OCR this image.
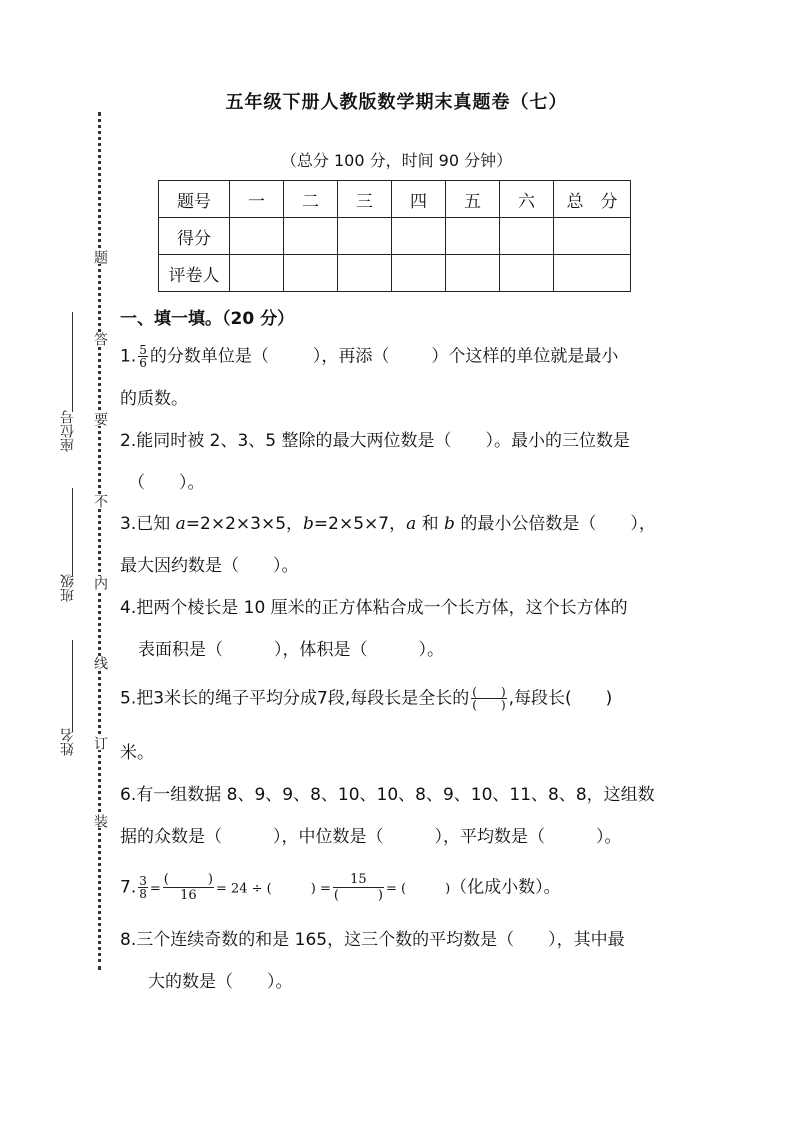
题
答
要
不
内
线
订
装
座位号
班级
姓名
五年级下册人教版数学期末真题卷（七）
（总分 100 分，时间 90 分钟）
题号	一	二	三	四	五	六	总　分
得分							
评卷人							
一、填一填。（20 分）
1. $\frac{5}{6}$ 的分数单位是（	），再添（ ）个这样的单位就是最小
的质数。
2.能同时被 2、3、5 整除的最大两位数是（　　）。最小的三位数是
（　　）。
3.已知 a=2×2×3×5，b=2×5×7，a 和 b 的最小公倍数是（　　），
最大因约数是（　　）。
4.把两个棱长是 10 厘米的正方体粘合成一个长方体，这个长方体的
表面积是（　　　），体积是（　　　）。
5.把3米长的绳子平均分成7段,每段长是全长的 $\frac{( )}{( )}$ ,每段长(　　)
米。
6.有一组数据 8、9、9、8、10、10、8、9、10、11、8、8，这组数
据的众数是（　　　），中位数是（　　　），平均数是（　　　）。
7. $\frac{3}{8} = \frac{( )}{16} = 24$ ÷ (　　　) = $\frac{15}{( )}$ = (　　　)（化成小数）。
8.三个连续奇数的和是 165，这三个数的平均数是（　　），其中最
大的数是（　　）。
